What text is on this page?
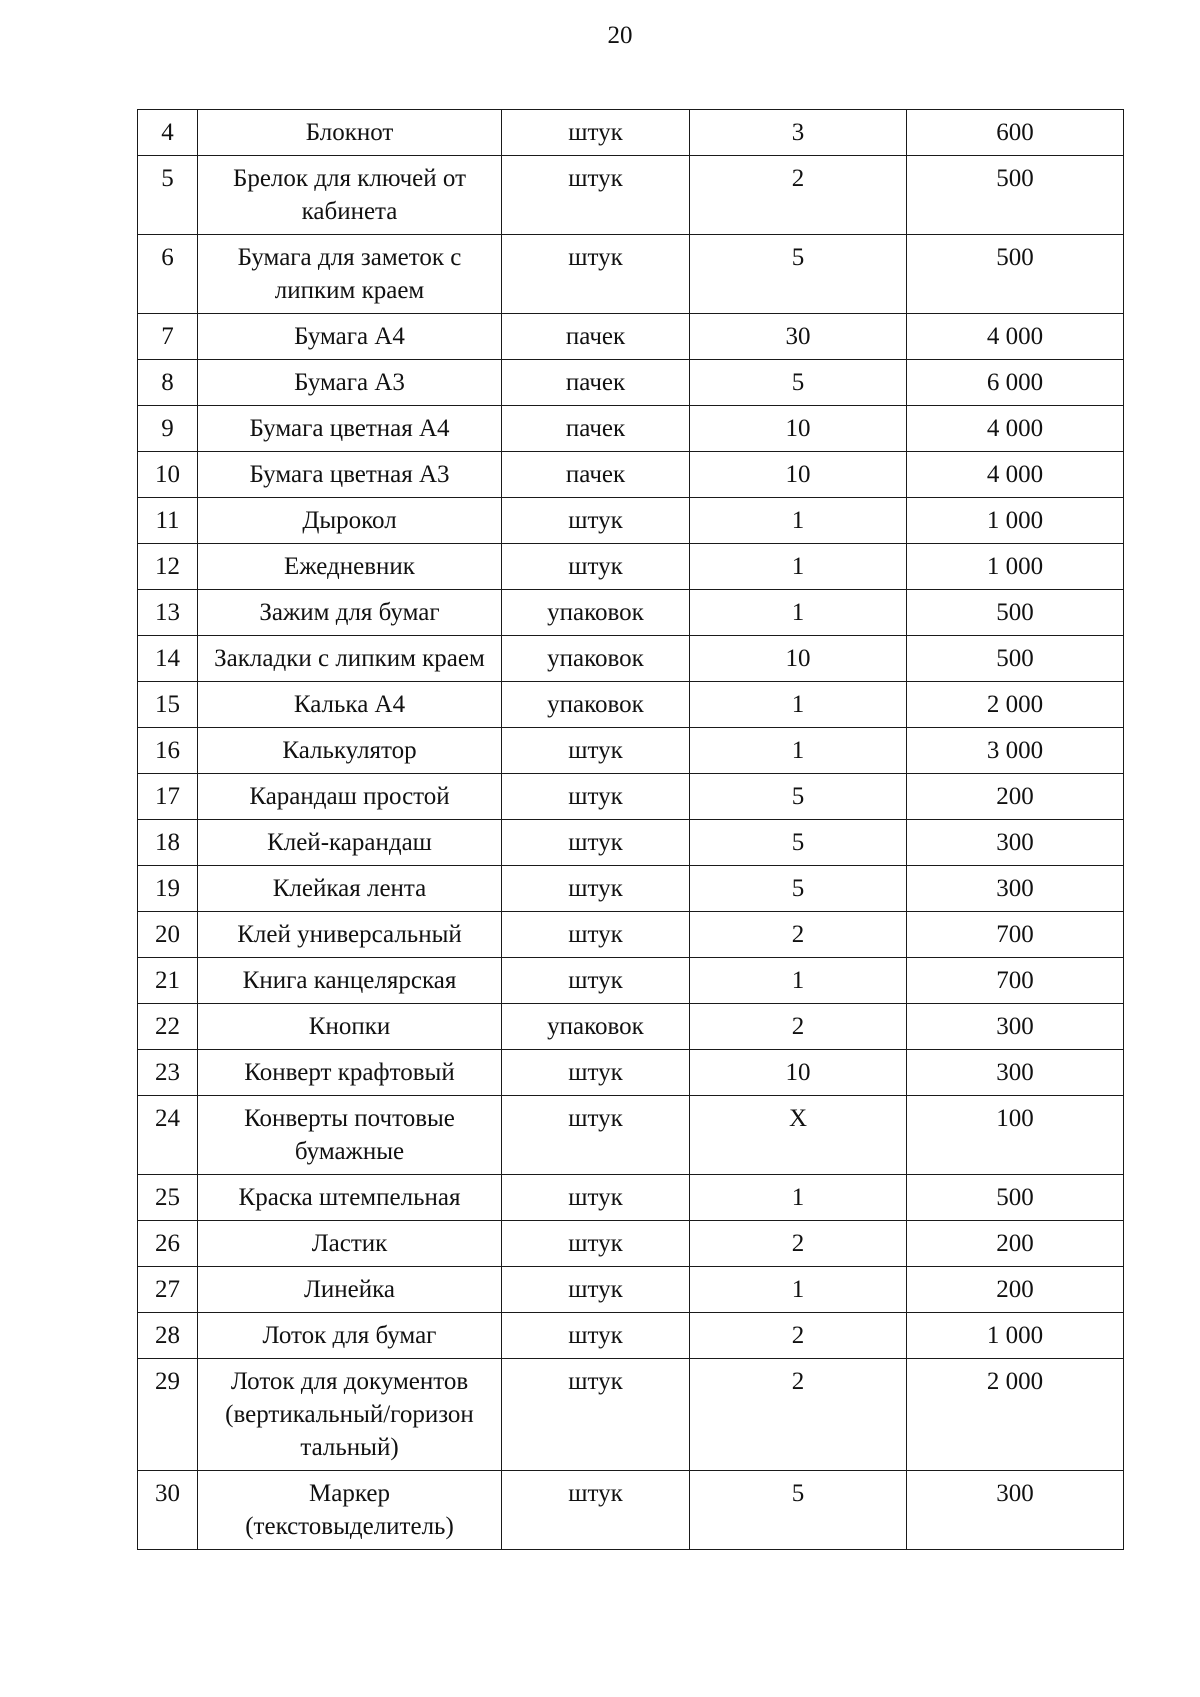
20
4	Блокнот	штук	3	600
5	Брелок для ключей от кабинета	штук	2	500
6	Бумага для заметок с липким краем	штук	5	500
7	Бумага А4	пачек	30	4 000
8	Бумага А3	пачек	5	6 000
9	Бумага цветная А4	пачек	10	4 000
10	Бумага цветная А3	пачек	10	4 000
11	Дырокол	штук	1	1 000
12	Ежедневник	штук	1	1 000
13	Зажим для бумаг	упаковок	1	500
14	Закладки с липким краем	упаковок	10	500
15	Калька А4	упаковок	1	2 000
16	Калькулятор	штук	1	3 000
17	Карандаш простой	штук	5	200
18	Клей-карандаш	штук	5	300
19	Клейкая лента	штук	5	300
20	Клей универсальный	штук	2	700
21	Книга канцелярская	штук	1	700
22	Кнопки	упаковок	2	300
23	Конверт крафтовый	штук	10	300
24	Конверты почтовые бумажные	штук	Х	100
25	Краска штемпельная	штук	1	500
26	Ластик	штук	2	200
27	Линейка	штук	1	200
28	Лоток для бумаг	штук	2	1 000
29	Лоток для документов (вертикальный/горизон тальный)	штук	2	2 000
30	Маркер (текстовыделитель)	штук	5	300
